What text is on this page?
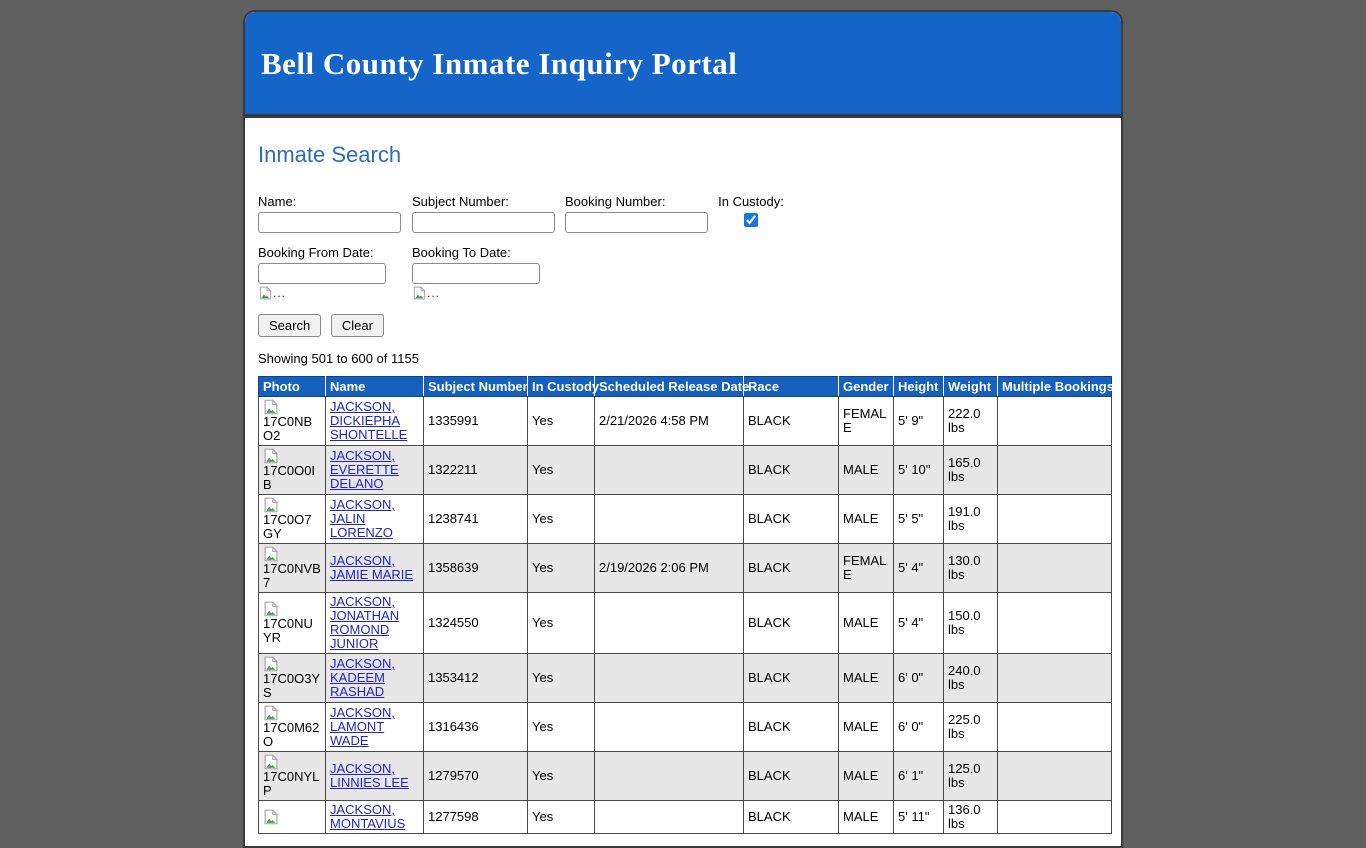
Bell County Inmate Inquiry Portal
Inmate Search
Name:	Subject Number:	Booking Number:	In Custody:
Booking From Date:
...
Booking To Date:
...
Search Clear
Showing 501 to 600 of 1155
Photo	Name	Subject Number	In Custody	Scheduled Release Date	Race	Gender	Height	Weight	Multiple Bookings

17C0NBO2	JACKSON, DICKIEPHA SHONTELLE	1335991	Yes	2/21/2026 4:58 PM	BLACK	FEMALE	5' 9"	222.0 lbs	

17C0O0IB	JACKSON, EVERETTE DELANO	1322211	Yes		BLACK	MALE	5' 10"	165.0 lbs	

17C0O7GY	JACKSON, JALIN LORENZO	1238741	Yes		BLACK	MALE	5' 5"	191.0 lbs	

17C0NVB7	JACKSON, JAMIE MARIE	1358639	Yes	2/19/2026 2:06 PM	BLACK	FEMALE	5' 4"	130.0 lbs	

17C0NUYR	JACKSON, JONATHAN ROMOND JUNIOR	1324550	Yes		BLACK	MALE	5' 4"	150.0 lbs	

17C0O3YS	JACKSON, KADEEM RASHAD	1353412	Yes		BLACK	MALE	6' 0"	240.0 lbs	

17C0M62O	JACKSON, LAMONT WADE	1316436	Yes		BLACK	MALE	6' 0"	225.0 lbs	

17C0NYLP	JACKSON, LINNIES LEE	1279570	Yes		BLACK	MALE	6' 1"	125.0 lbs	

	JACKSON, MONTAVIUS	1277598	Yes		BLACK	MALE	5' 11"	136.0 lbs	
